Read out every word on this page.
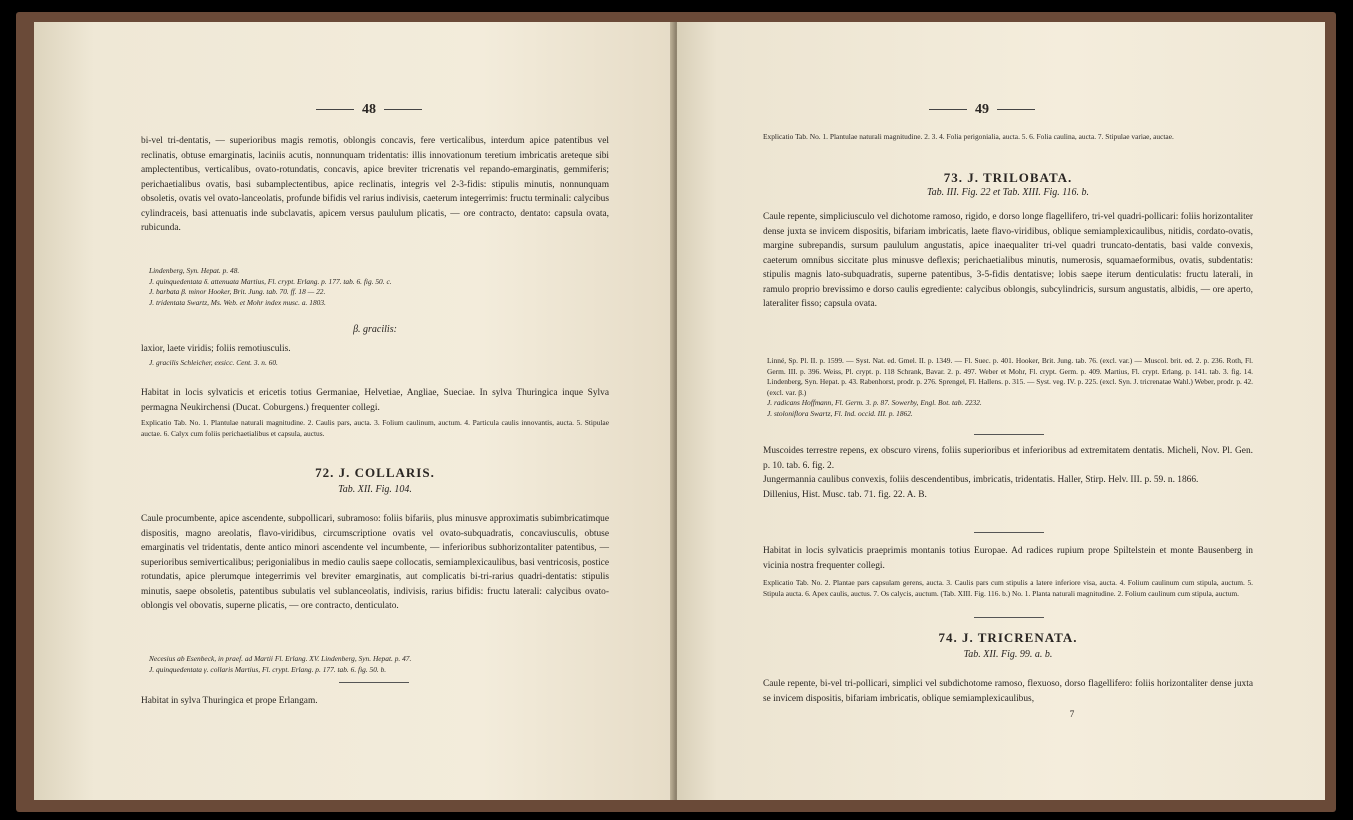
48

bi-vel tri-dentatis, — superioribus magis remotis, oblongis concavis, fere verticalibus, interdum apice patentibus vel reclinatis, obtuse emarginatis, laciniis acutis, nonnunquam tridentatis: illis innovationum teretium imbricatis areteque sibi amplectentibus, verticalibus, ovato-rotundatis, concavis, apice breviter tricrenatis vel repando-emarginatis, gemmiferis; perichaetialibus ovatis, basi subamplectentibus, apice reclinatis, integris vel 2-3-fidis: stipulis minutis, nonnunquam obsoletis, ovatis vel ovato-lanceolatis, profunde bifidis vel rarius indivisis, caeterum integerrimis: fructu terminali: calycibus cylindraceis, basi attenuatis inde subclavatis, apicem versus paululum plicatis, — ore contracto, dentato: capsula ovata, rubicunda.

Lindenberg, Syn. Hepat. p. 48.

J. quinquedentata δ. attenuata Martius, Fl. crypt. Erlang. p. 177. tab. 6. fig. 50. c.

J. barbata β. minor Hooker, Brit. Jung. tab. 70. ff. 18 — 22.

J. tridentata Swartz, Ms. Web. et Mohr index musc. a. 1803.

β. gracilis:

laxior, laete viridis; foliis remotiusculis.

J. gracilis Schleicher, exsicc. Cent. 3. n. 60.

Habitat in locis sylvaticis et ericetis totius Germaniae, Helvetiae, Angliae, Sueciae. In sylva Thuringica inque Sylva permagna Neukirchensi (Ducat. Coburgens.) frequenter collegi.

Explicatio Tab. No. 1. Plantulae naturali magnitudine. 2. Caulis pars, aucta. 3. Folium caulinum, auctum. 4. Particula caulis innovantis, aucta. 5. Stipulae auctae. 6. Calyx cum foliis perichaetialibus et capsula, auctus.

72. J. COLLARIS.
Tab. XII. Fig. 104.

Caule procumbente, apice ascendente, subpollicari, subramoso: foliis bifariis, plus minusve approximatis subimbricatimque dispositis, magno areolatis, flavo-viridibus, circumscriptione ovatis vel ovato-subquadratis, concaviusculis, obtuse emarginatis vel tridentatis, dente antico minori ascendente vel incumbente, — inferioribus subhorizontaliter patentibus, — superioribus semiverticalibus; perigonialibus in medio caulis saepe collocatis, semiamplexicaulibus, basi ventricosis, postice rotundatis, apice plerumque integerrimis vel breviter emarginatis, aut complicatis bi-tri-rarius quadri-dentatis: stipulis minutis, saepe obsoletis, patentibus subulatis vel sublanceolatis, indivisis, rarius bifidis: fructu laterali: calycibus ovato-oblongis vel obovatis, superne plicatis, — ore contracto, denticulato.

Necesius ab Esenbeck, in praef. ad Martii Fl. Erlang. XV. Lindenberg, Syn. Hepat. p. 47.

J. quinquedentata γ. collaris Martius, Fl. crypt. Erlang. p. 177. tab. 6. fig. 50. b.

Habitat in sylva Thuringica et prope Erlangam.

49

Explicatio Tab. No. 1. Plantulae naturali magnitudine. 2. 3. 4. Folia perigonialia, aucta. 5. 6. Folia caulina, aucta. 7. Stipulae variae, auctae.

73. J. TRILOBATA.
Tab. III. Fig. 22 et Tab. XIII. Fig. 116. b.

Caule repente, simpliciusculo vel dichotome ramoso, rigido, e dorso longe flagellifero, tri-vel quadri-pollicari: foliis horizontaliter dense juxta se invicem dispositis, bifariam imbricatis, laete flavo-viridibus, oblique semiamplexicaulibus, nitidis, cordato-ovatis, margine subrepandis, sursum paululum angustatis, apice inaequaliter tri-vel quadri truncato-dentatis, basi valde convexis, caeterum omnibus siccitate plus minusve deflexis; perichaetialibus minutis, numerosis, squamaeformibus, ovatis, subdentatis: stipulis magnis lato-subquadratis, superne patentibus, 3-5-fidis dentatisve; lobis saepe iterum denticulatis: fructu laterali, in ramulo proprio brevissimo e dorso caulis egrediente: calycibus oblongis, subcylindricis, sursum angustatis, albidis, — ore aperto, lateraliter fisso; capsula ovata.

Linné, Sp. Pl. II. p. 1599. — Syst. Nat. ed. Gmel. II. p. 1349. — Fl. Suec. p. 401. Hooker, Brit. Jung. tab. 76. (excl. var.) — Muscol. brit. ed. 2. p. 236. Roth, Fl. Germ. III. p. 396. Weiss, Pl. crypt. p. 118 Schrank, Bavar. 2. p. 497. Weber et Mohr, Fl. crypt. Germ. p. 409. Martius, Fl. crypt. Erlang. p. 141. tab. 3. fig. 14. Lindenberg, Syn. Hepat. p. 43. Rabenhorst, prodr. p. 276. Sprengel, Fl. Hallens. p. 315. — Syst. veg. IV. p. 225. (excl. Syn. J. tricrenatae Wahl.) Weber, prodr. p. 42. (excl. var. β.)

J. radicans Hoffmann, Fl. Germ. 3. p. 87. Sowerby, Engl. Bot. tab. 2232.

J. stoloniflora Swartz, Fl. Ind. occid. III. p. 1862.

Muscoides terrestre repens, ex obscuro virens, foliis superioribus et inferioribus ad extremitatem dentatis. Micheli, Nov. Pl. Gen. p. 10. tab. 6. fig. 2.

Jungermannia caulibus convexis, foliis descendentibus, imbricatis, tridentatis. Haller, Stirp. Helv. III. p. 59. n. 1866.

Dillenius, Hist. Musc. tab. 71. fig. 22. A. B.

Habitat in locis sylvaticis praeprimis montanis totius Europae. Ad radices rupium prope Spiltelstein et monte Bausenberg in vicinia nostra frequenter collegi.

Explicatio Tab. No. 2. Plantae pars capsulam gerens, aucta. 3. Caulis pars cum stipulis a latere inferiore visa, aucta. 4. Folium caulinum cum stipula, auctum. 5. Stipula aucta. 6. Apex caulis, auctus. 7. Os calycis, auctum. (Tab. XIII. Fig. 116. b.) No. 1. Planta naturali magnitudine. 2. Folium caulinum cum stipula, auctum.

74. J. TRICRENATA.
Tab. XII. Fig. 99. a. b.

Caule repente, bi-vel tri-pollicari, simplici vel subdichotome ramoso, flexuoso, dorso flagellifero: foliis horizontaliter dense juxta se invicem dispositis, bifariam imbricatis, oblique semiamplexicaulibus,

7
